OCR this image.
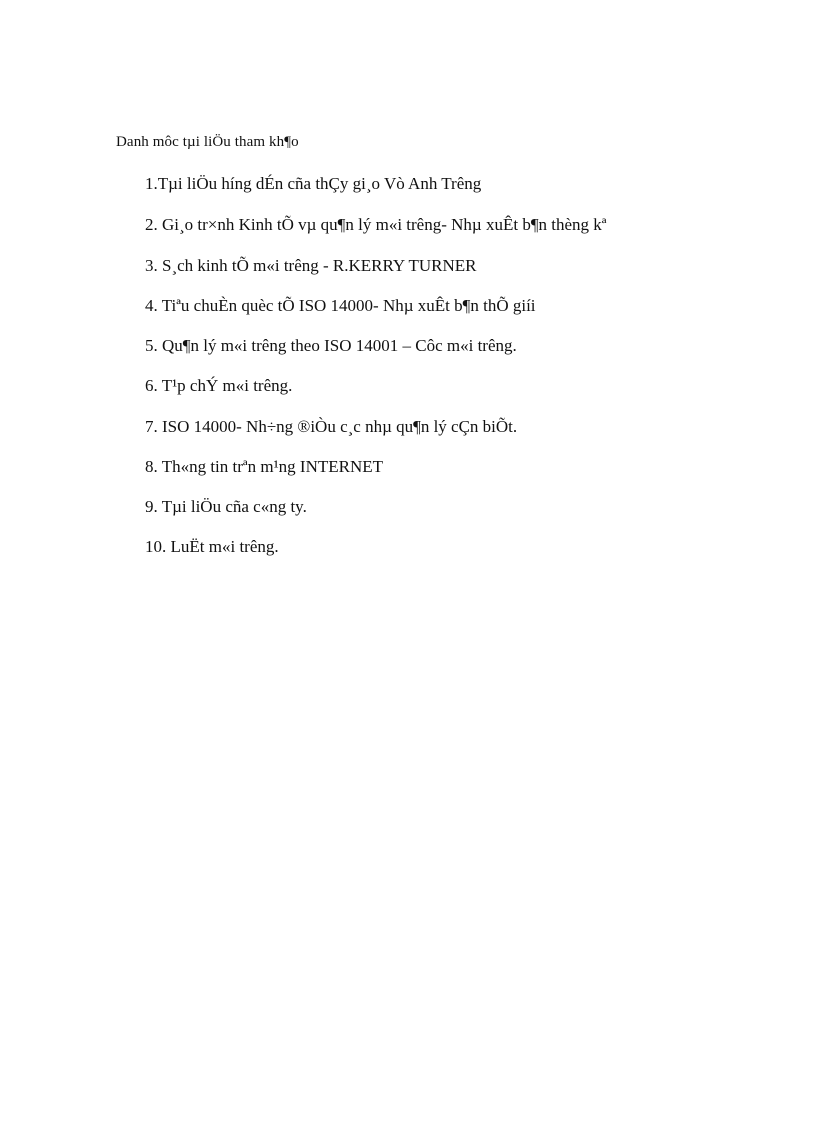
Danh môc tµi liÖu tham kh¶o
1.Tµi liÖu híng dÉn cña thÇy gi¸o Vò Anh Trêng
2. Gi¸o tr×nh Kinh tÕ vµ qu¶n lý m«i trêng- Nhµ xuÊt b¶n thèng kª
3. S¸ch kinh tÕ m«i trêng - R.KERRY TURNER
4. Tiªu chuÈn quèc tÕ ISO 14000- Nhµ xuÊt b¶n thÕ giíi
5. Qu¶n lý m«i trêng theo ISO 14001 – Côc m«i trêng.
6. T¹p chÝ m«i trêng.
7. ISO 14000- Nh÷ng ®iÒu c¸c nhµ qu¶n lý cÇn biÕt.
8. Th«ng tin trªn m¹ng INTERNET
9. Tµi liÖu cña c«ng ty.
10. LuËt m«i trêng.
